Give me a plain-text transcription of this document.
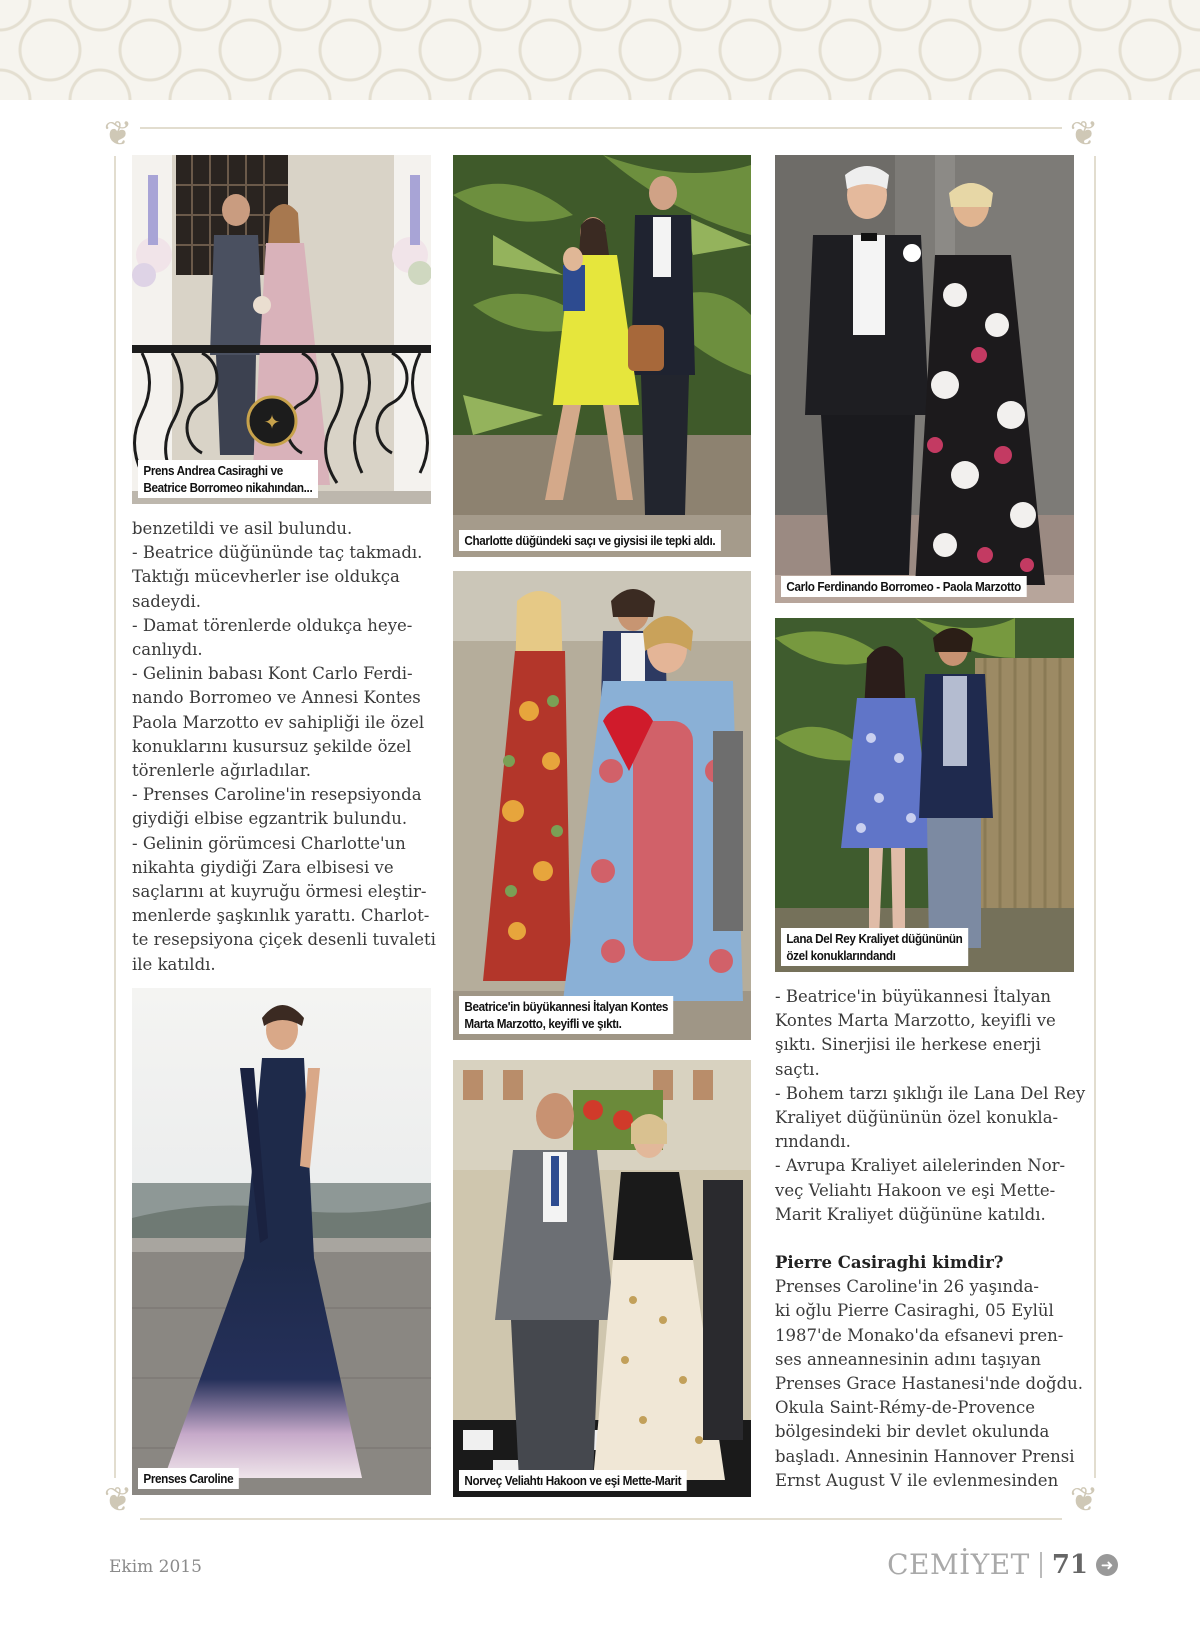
❦	❦
❦	❦
✦
Prens Andrea Casiraghi ve
Beatrice Borromeo nikahından...
Charlotte düğündeki saçı ve giysisi ile tepki aldı.
Carlo Ferdinando Borromeo - Paola Marzotto
Beatrice'in büyükannesi İtalyan Kontes
Marta Marzotto, keyifli ve şıktı.
Lana Del Rey Kraliyet düğününün
özel konuklarındandı
Prenses Caroline	Norveç Veliahtı Hakoon ve eşi Mette-Marit

benzetildi ve asil bulundu.

- Beatrice düğününde taç takmadı.

Taktığı mücevherler ise oldukça

sadeydi.

- Damat törenlerde oldukça heye-

canlıydı.

- Gelinin babası Kont Carlo Ferdi-

nando Borromeo ve Annesi Kontes

Paola Marzotto ev sahipliği ile özel

konuklarını kusursuz şekilde özel

törenlerle ağırladılar.

- Prenses Caroline'in resepsiyonda

giydiği elbise egzantrik bulundu.

- Gelinin görümcesi Charlotte'un

nikahta giydiği Zara elbisesi ve

saçlarını at kuyruğu örmesi eleştir-

menlerde şaşkınlık yarattı. Charlot-

te resepsiyona çiçek desenli tuvaleti

ile katıldı.

- Beatrice'in büyükannesi İtalyan

Kontes Marta Marzotto, keyifli ve

şıktı. Sinerjisi ile herkese enerji

saçtı.

- Bohem tarzı şıklığı ile Lana Del Rey

Kraliyet düğününün özel konukla-

rındandı.

- Avrupa Kraliyet ailelerinden Nor-

veç Veliahtı Hakoon ve eşi Mette-

Marit Kraliyet düğününe katıldı.

Pierre Casiraghi kimdir?

Prenses Caroline'in 26 yaşında-

ki oğlu Pierre Casiraghi, 05 Eylül

1987'de Monako'da efsanevi pren-

ses anneannesinin adını taşıyan

Prenses Grace Hastanesi'nde doğdu.

Okula Saint-Rémy-de-Provence

bölgesindeki bir devlet okulunda

başladı. Annesinin Hannover Prensi

Ernst August V ile evlenmesinden

Ekim 2015	CEMİYET 71 ➜
